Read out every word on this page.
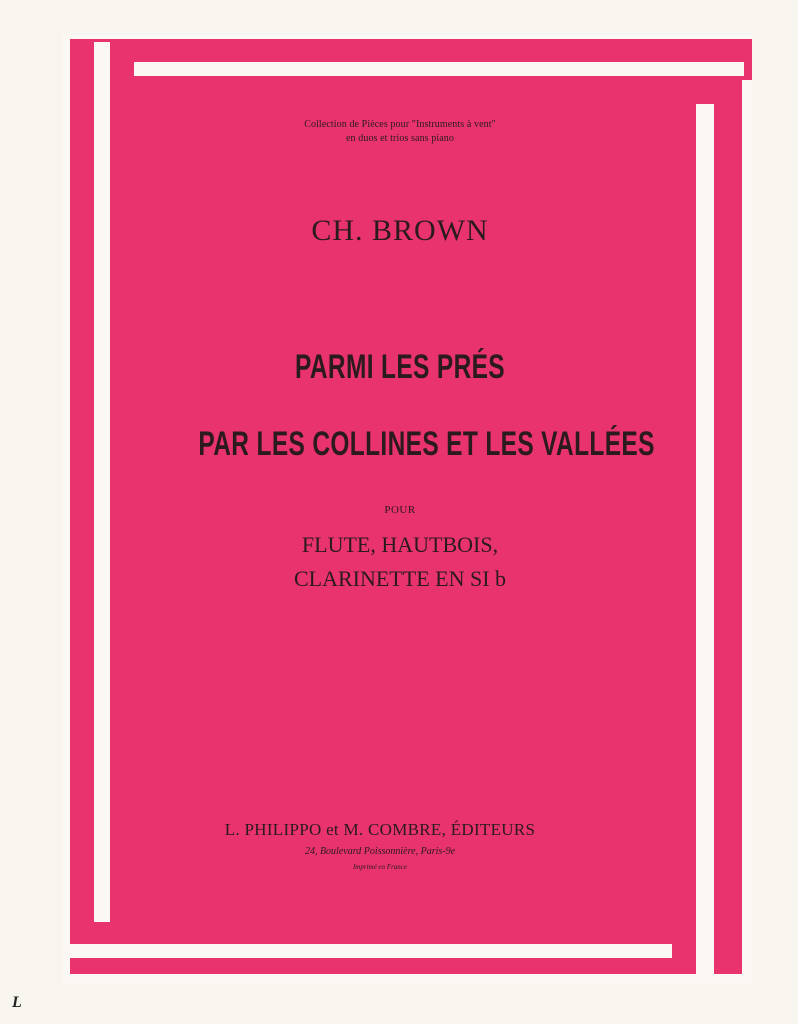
Collection de Pièces pour "Instruments à vent"
en duos et trios sans piano
CH. BROWN
PARMI LES PRÉS
PAR LES COLLINES ET LES VALLÉES
POUR
FLUTE, HAUTBOIS,
CLARINETTE EN SI b
L. PHILIPPO et M. COMBRE, ÉDITEURS
24, Boulevard Poissonnière, Paris-9e
Imprimé en France
L
